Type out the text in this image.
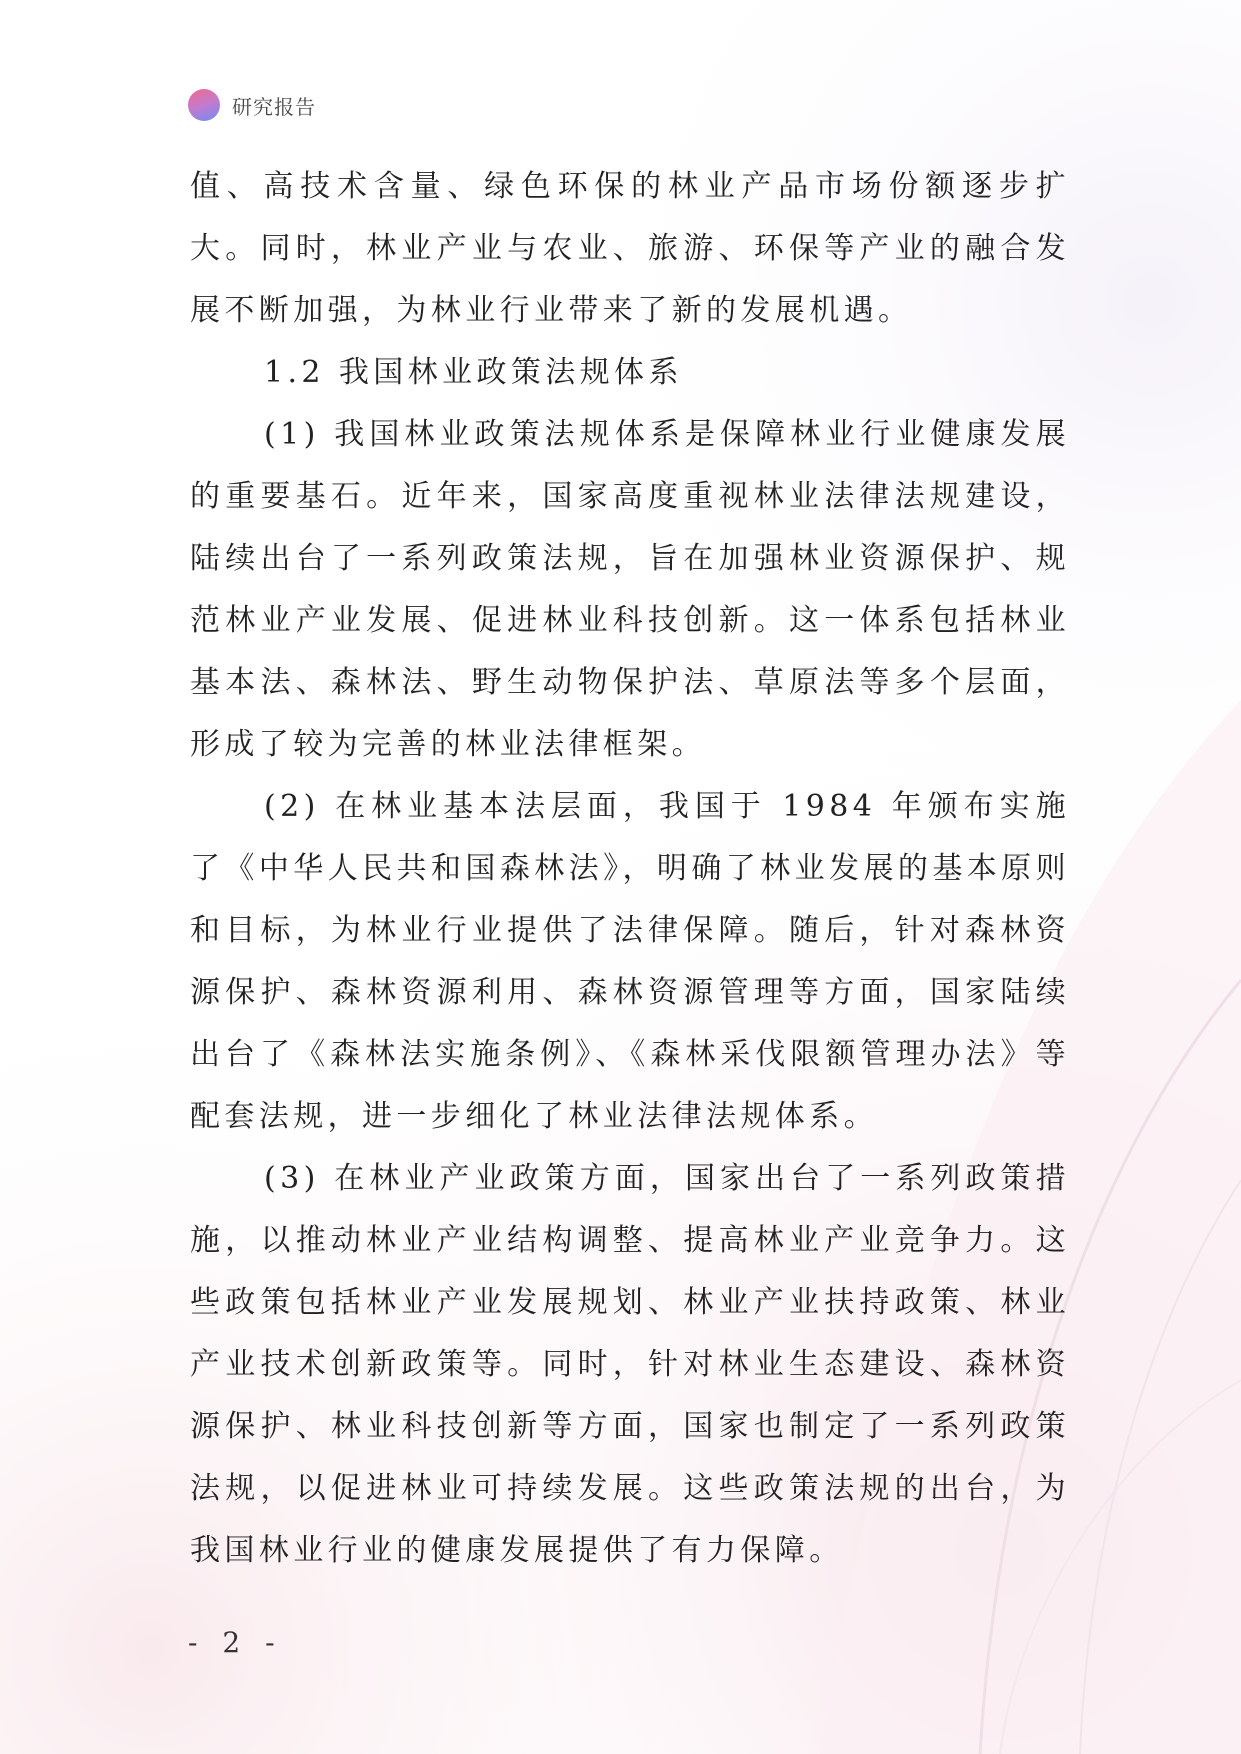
研究报告

值、高技术含量、绿色环保的林业产品市场份额逐步扩大。同时，林业产业与农业、旅游、环保等产业的融合发展不断加强，为林业行业带来了新的发展机遇。

1.2 我国林业政策法规体系

(1) 我国林业政策法规体系是保障林业行业健康发展的重要基石。近年来，国家高度重视林业法律法规建设，陆续出台了一系列政策法规，旨在加强林业资源保护、规范林业产业发展、促进林业科技创新。这一体系包括林业基本法、森林法、野生动物保护法、草原法等多个层面，形成了较为完善的林业法律框架。

(2) 在林业基本法层面，我国于 1984 年颁布实施了《中华人民共和国森林法》，明确了林业发展的基本原则和目标，为林业行业提供了法律保障。随后，针对森林资源保护、森林资源利用、森林资源管理等方面，国家陆续出台了《森林法实施条例》、《森林采伐限额管理办法》等配套法规，进一步细化了林业法律法规体系。

(3) 在林业产业政策方面，国家出台了一系列政策措施，以推动林业产业结构调整、提高林业产业竞争力。这些政策包括林业产业发展规划、林业产业扶持政策、林业产业技术创新政策等。同时，针对林业生态建设、森林资源保护、林业科技创新等方面，国家也制定了一系列政策法规，以促进林业可持续发展。这些政策法规的出台，为我国林业行业的健康发展提供了有力保障。

- 2 -
